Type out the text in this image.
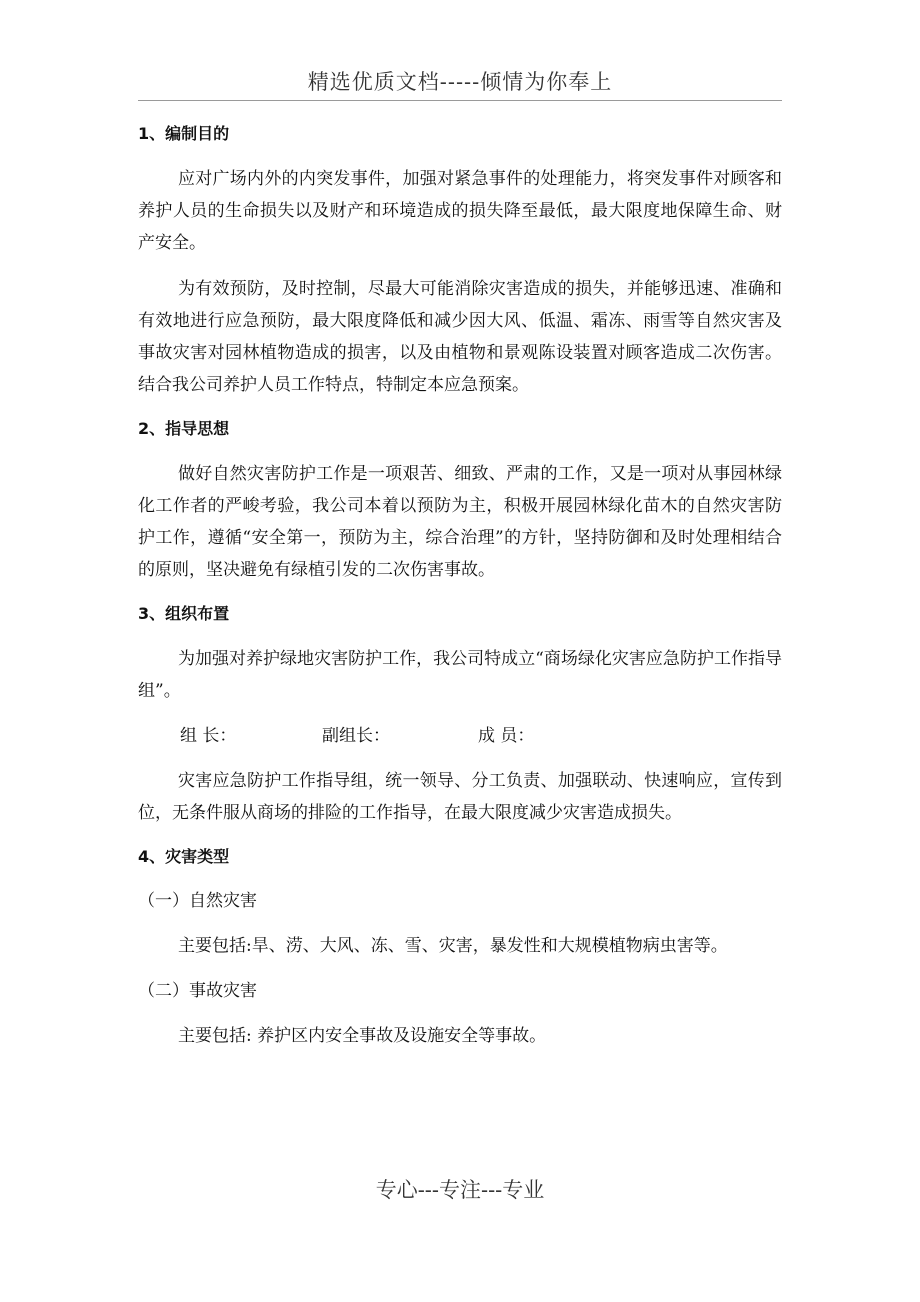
精选优质文档-----倾情为你奉上
1、编制目的

应对广场内外的内突发事件，加强对紧急事件的处理能力，将突发事件对顾客和养护人员的生命损失以及财产和环境造成的损失降至最低，最大限度地保障生命、财产安全。

为有效预防，及时控制，尽最大可能消除灾害造成的损失，并能够迅速、准确和有效地进行应急预防，最大限度降低和减少因大风、低温、霜冻、雨雪等自然灾害及事故灾害对园林植物造成的损害，以及由植物和景观陈设装置对顾客造成二次伤害。结合我公司养护人员工作特点，特制定本应急预案。

2、指导思想

做好自然灾害防护工作是一项艰苦、细致、严肃的工作，又是一项对从事园林绿化工作者的严峻考验，我公司本着以预防为主，积极开展园林绿化苗木的自然灾害防护工作，遵循“安全第一，预防为主，综合治理”的方针，坚持防御和及时处理相结合的原则，坚决避免有绿植引发的二次伤害事故。

3、组织布置

为加强对养护绿地灾害防护工作，我公司特成立“商场绿化灾害应急防护工作指导组”。

组 长：	副组长：	成 员：

灾害应急防护工作指导组，统一领导、分工负责、加强联动、快速响应，宣传到位，无条件服从商场的排险的工作指导，在最大限度减少灾害造成损失。

4、灾害类型
（一）自然灾害

主要包括:旱、涝、大风、冻、雪、灾害，暴发性和大规模植物病虫害等。

（二）事故灾害

主要包括: 养护区内安全事故及设施安全等事故。

专心---专注---专业
